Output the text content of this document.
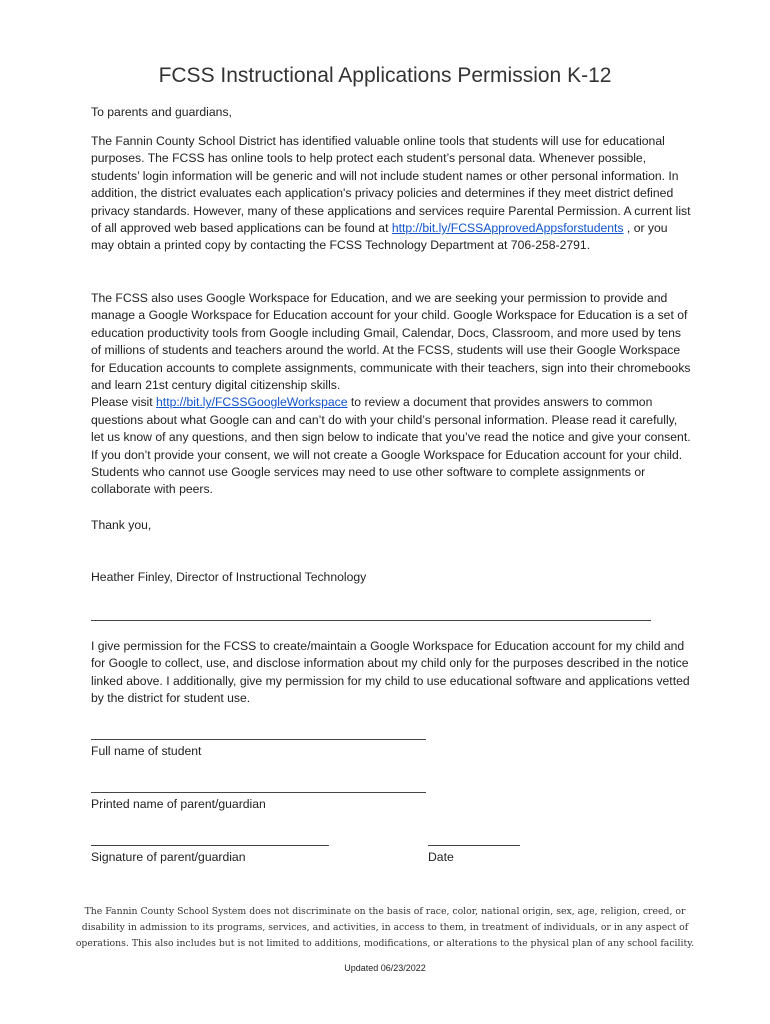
FCSS Instructional Applications Permission K-12
To parents and guardians,

The Fannin County School District has identified valuable online tools that students will use for educational purposes. The FCSS has online tools to help protect each student’s personal data. Whenever possible, students’ login information will be generic and will not include student names or other personal information. In addition, the district evaluates each application's privacy policies and determines if they meet district defined privacy standards. However, many of these applications and services require Parental Permission. A current list of all approved web based applications can be found at http://bit.ly/FCSSApprovedAppsforstudents , or you may obtain a printed copy by contacting the FCSS Technology Department at 706-258-2791.

The FCSS also uses Google Workspace for Education, and we are seeking your permission to provide and manage a Google Workspace for Education account for your child. Google Workspace for Education is a set of education productivity tools from Google including Gmail, Calendar, Docs, Classroom, and more used by tens of millions of students and teachers around the world. At the FCSS, students will use their Google Workspace for Education accounts to complete assignments, communicate with their teachers, sign into their chromebooks and learn 21st century digital citizenship skills.

Please visit http://bit.ly/FCSSGoogleWorkspace to review a document that provides answers to common questions about what Google can and can’t do with your child’s personal information. Please read it carefully, let us know of any questions, and then sign below to indicate that you’ve read the notice and give your consent. If you don’t provide your consent, we will not create a Google Workspace for Education account for your child. Students who cannot use Google services may need to use other software to complete assignments or collaborate with peers.

Thank you,
Heather Finley, Director of Instructional Technology
I give permission for the FCSS to create/maintain a Google Workspace for Education account for my child and for Google to collect, use, and disclose information about my child only for the purposes described in the notice linked above. I additionally, give my permission for my child to use educational software and applications vetted by the district for student use.
Full name of student
Printed name of parent/guardian
Signature of parent/guardian	Date
The Fannin County School System does not discriminate on the basis of race, color, national origin, sex, age, religion, creed, or
disability in admission to its programs, services, and activities, in access to them, in treatment of individuals, or in any aspect of
operations. This also includes but is not limited to additions, modifications, or alterations to the physical plan of any school facility.
Updated 06/23/2022
